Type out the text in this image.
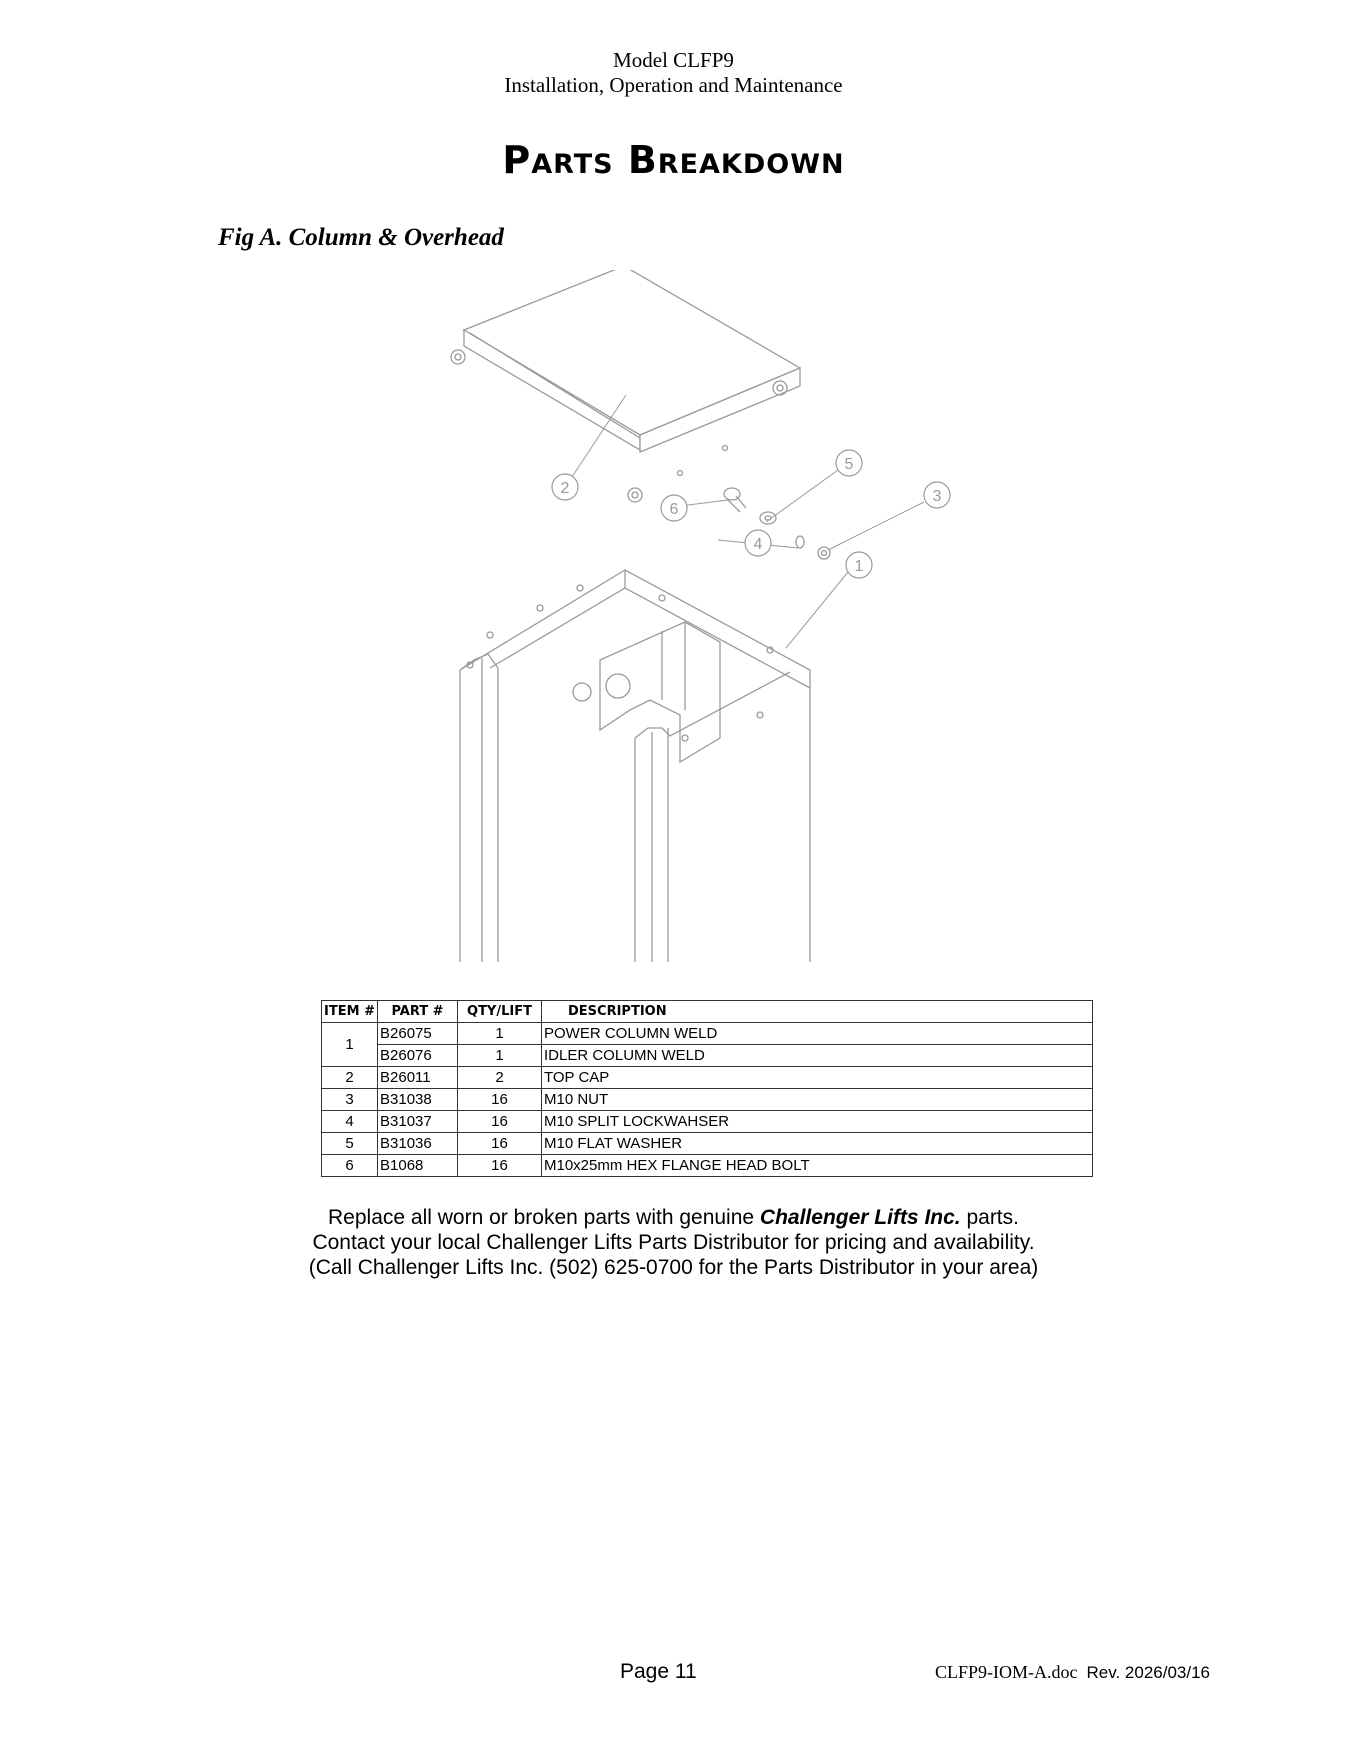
Model CLFP9
Installation, Operation and Maintenance
Parts Breakdown
Fig A. Column & Overhead
1
2	3
4
5
6
ITEM #	PART #	QTY/LIFT	DESCRIPTION
1	B26075	1	POWER COLUMN WELD
	B26076	1	IDLER COLUMN WELD
2	B26011	2	TOP CAP
3	B31038	16	M10 NUT
4	B31037	16	M10 SPLIT LOCKWAHSER
5	B31036	16	M10 FLAT WASHER
6	B1068	16	M10x25mm HEX FLANGE HEAD BOLT
Replace all worn or broken parts with genuine Challenger Lifts Inc. parts.
Contact your local Challenger Lifts Parts Distributor for pricing and availability.
(Call Challenger Lifts Inc. (502) 625-0700 for the Parts Distributor in your area)
Page 11	CLFP9-IOM-A.doc Rev. 2026/03/16
